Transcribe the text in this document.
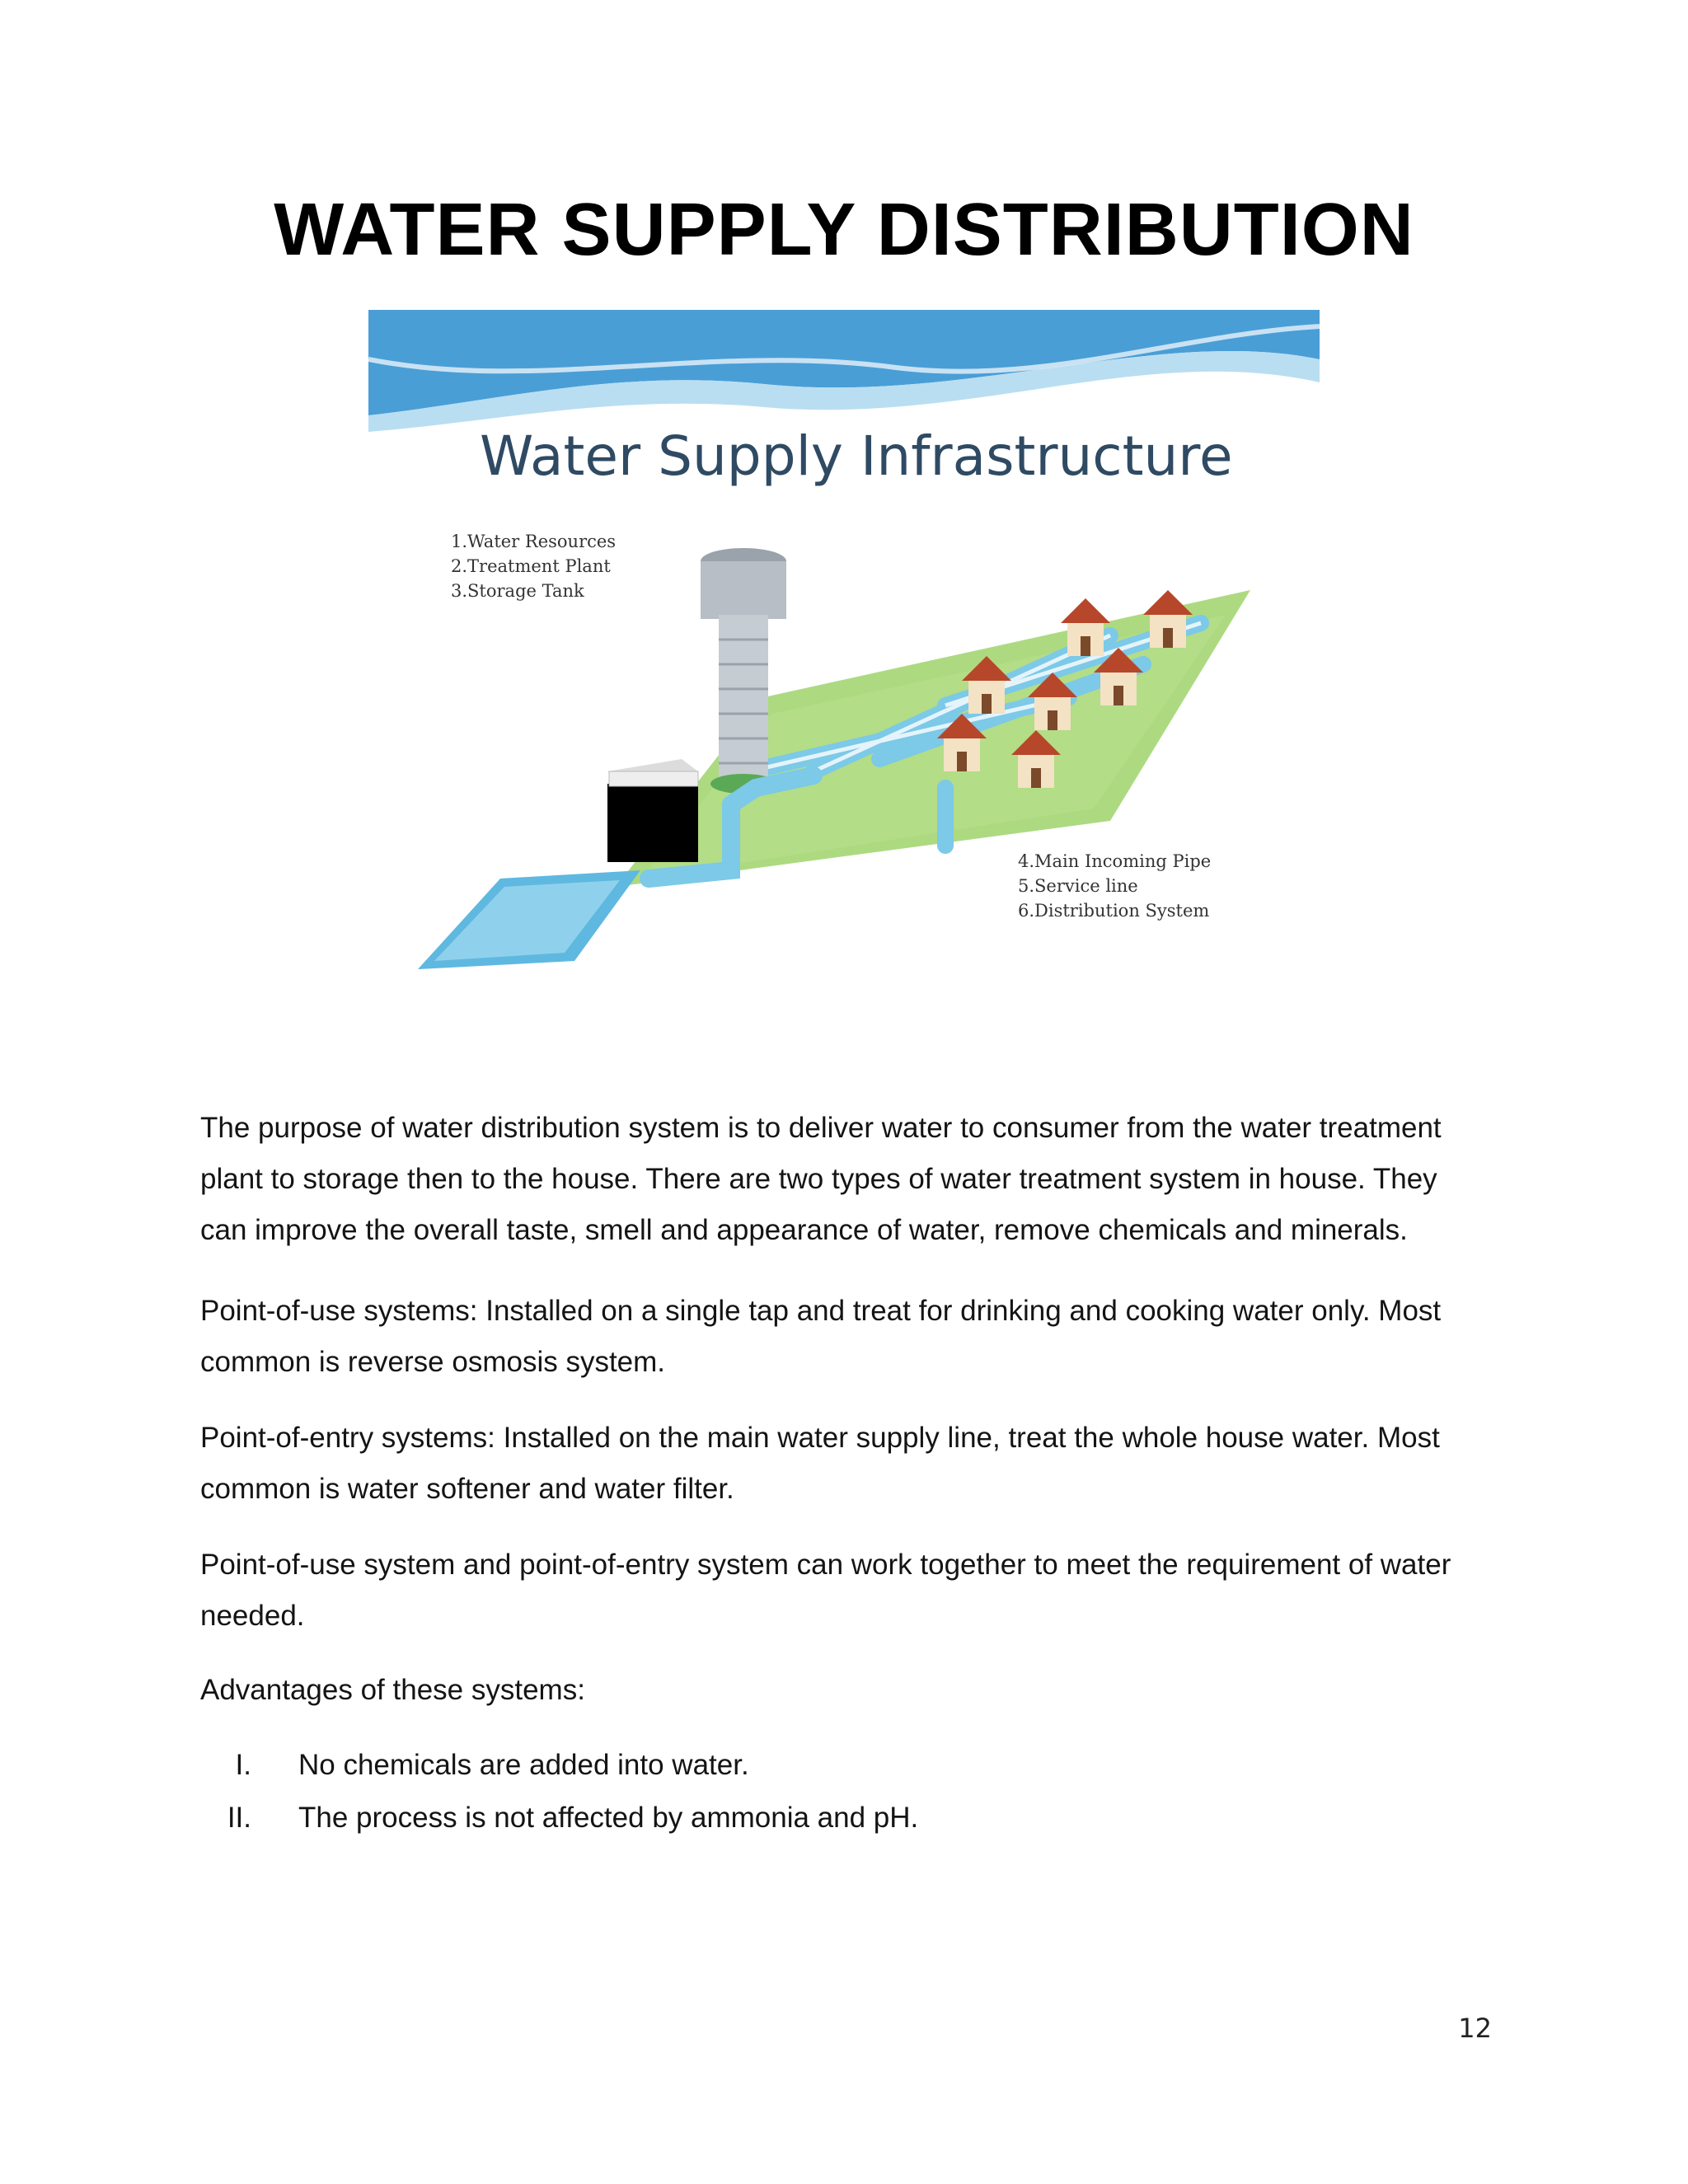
WATER SUPPLY DISTRIBUTION
Water Supply Infrastructure
1.Water Resources
2.Treatment Plant
3.Storage Tank
4.Main Incoming Pipe
5.Service line
6.Distribution System

The purpose of water distribution system is to deliver water to consumer from the water treatment plant to storage then to the house. There are two types of water treatment system in house. They can improve the overall taste, smell and appearance of water, remove chemicals and minerals.

Point-of-use systems: Installed on a single tap and treat for drinking and cooking water only. Most common is reverse osmosis system.

Point-of-entry systems: Installed on the main water supply line, treat the whole house water. Most common is water softener and water filter.

Point-of-use system and point-of-entry system can work together to meet the requirement of water needed.

Advantages of these systems:

I. No chemicals are added into water.
II. The process is not affected by ammonia and pH.
12
